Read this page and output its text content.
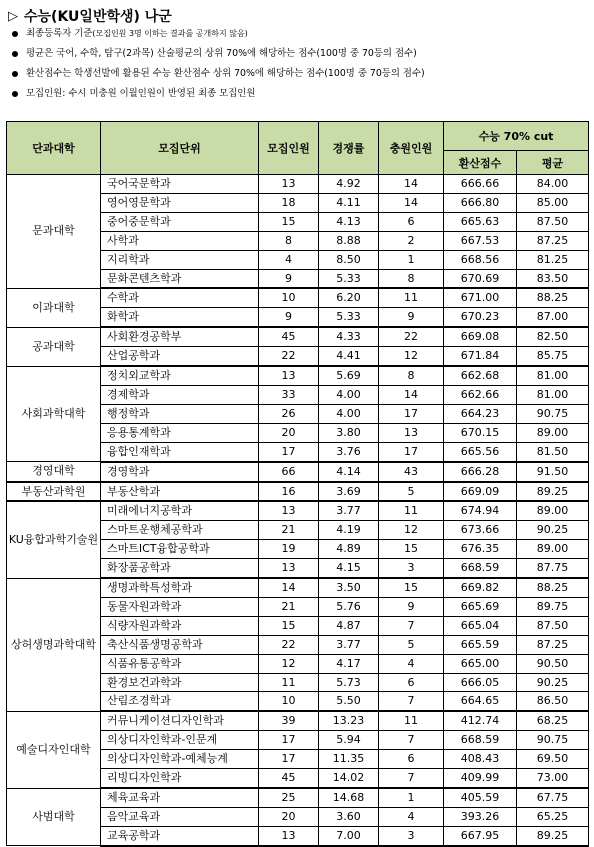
▷ 수능(KU일반학생) 나군
최종등록자 기준 (모집인원 3명 이하는 결과를 공개하지 않음)
평균은 국어, 수학, 탐구(2과목) 산술평균의 상위 70%에 해당하는 점수(100명 중 70등의 점수)
환산점수는 학생선발에 활용된 수능 환산점수 상위 70%에 해당하는 점수(100명 중 70등의 점수)
모집인원: 수시 미충원 이월인원이 반영된 최종 모집인원
단과대학	모집단위	모집인원	경쟁률	충원인원	수능 70% cut	
					환산점수	평균
문과대학	국어국문학과	13	4.92	14	666.66	84.00
	영어영문학과	18	4.11	14	666.80	85.00
	중어중문학과	15	4.13	6	665.63	87.50
	사학과	8	8.88	2	667.53	87.25
	지리학과	4	8.50	1	668.56	81.25
	문화콘텐츠학과	9	5.33	8	670.69	83.50
이과대학	수학과	10	6.20	11	671.00	88.25
	화학과	9	5.33	9	670.23	87.00
공과대학	사회환경공학부	45	4.33	22	669.08	82.50
	산업공학과	22	4.41	12	671.84	85.75
사회과학대학	정치외교학과	13	5.69	8	662.68	81.00
	경제학과	33	4.00	14	662.66	81.00
	행정학과	26	4.00	17	664.23	90.75
	응용통계학과	20	3.80	13	670.15	89.00
	융합인재학과	17	3.76	17	665.56	81.50
경영대학	경영학과	66	4.14	43	666.28	91.50
부동산과학원	부동산학과	16	3.69	5	669.09	89.25
KU융합과학기술원	미래에너지공학과	13	3.77	11	674.94	89.00
	스마트운행체공학과	21	4.19	12	673.66	90.25
	스마트ICT융합공학과	19	4.89	15	676.35	89.00
	화장품공학과	13	4.15	3	668.59	87.75
상허생명과학대학	생명과학특성학과	14	3.50	15	669.82	88.25
	동물자원과학과	21	5.76	9	665.69	89.75
	식량자원과학과	15	4.87	7	665.04	87.50
	축산식품생명공학과	22	3.77	5	665.59	87.25
	식품유통공학과	12	4.17	4	665.00	90.50
	환경보건과학과	11	5.73	6	666.05	90.25
	산림조경학과	10	5.50	7	664.65	86.50
예술디자인대학	커뮤니케이션디자인학과	39	13.23	11	412.74	68.25
	의상디자인학과-인문계	17	5.94	7	668.59	90.75
	의상디자인학과-예체능계	17	11.35	6	408.43	69.50
	리빙디자인학과	45	14.02	7	409.99	73.00
사범대학	체육교육과	25	14.68	1	405.59	67.75
	음악교육과	20	3.60	4	393.26	65.25
	교육공학과	13	7.00	3	667.95	89.25
